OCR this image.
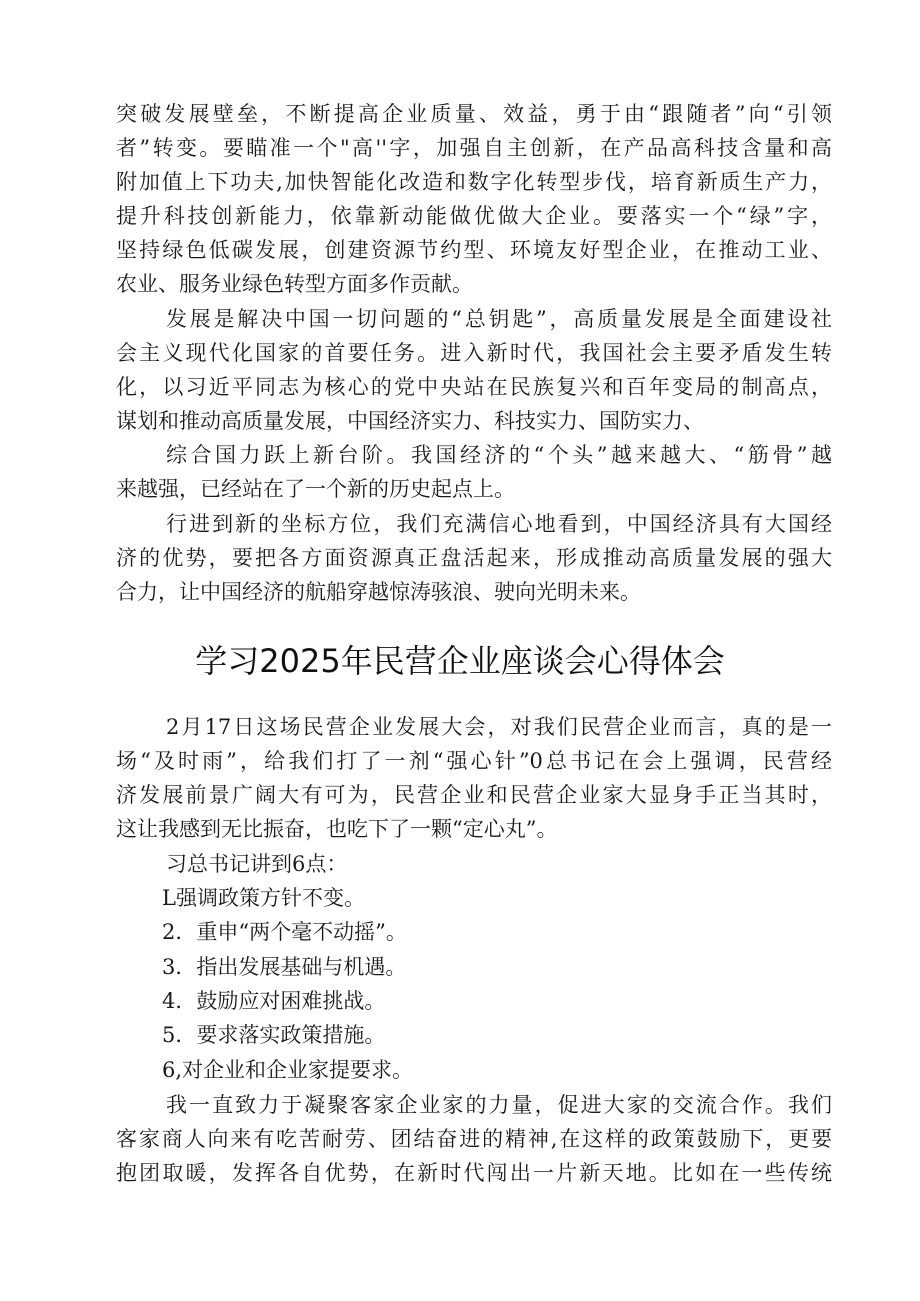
突破发展壁垒，不断提高企业质量、效益，勇于由“跟随者”向“引领
者”转变。要瞄准一个"高''字，加强自主创新，在产品高科技含量和高
附加值上下功夫,加快智能化改造和数字化转型步伐，培育新质生产力，
提升科技创新能力，依靠新动能做优做大企业。要落实一个“绿”字，
坚持绿色低碳发展，创建资源节约型、环境友好型企业，在推动工业、
农业、服务业绿色转型方面多作贡献。
发展是解决中国一切问题的“总钥匙”，高质量发展是全面建设社
会主义现代化国家的首要任务。进入新时代，我国社会主要矛盾发生转
化，以习近平同志为核心的党中央站在民族复兴和百年变局的制高点，
谋划和推动高质量发展，中国经济实力、科技实力、国防实力、
综合国力跃上新台阶。我国经济的“个头”越来越大、“筋骨”越
来越强，已经站在了一个新的历史起点上。
行进到新的坐标方位，我们充满信心地看到，中国经济具有大国经
济的优势，要把各方面资源真正盘活起来，形成推动高质量发展的强大
合力，让中国经济的航船穿越惊涛骇浪、驶向光明未来。
学习2025年民营企业座谈会心得体会
2月17日这场民营企业发展大会，对我们民营企业而言，真的是一
场“及时雨”，给我们打了一剂“强心针”0总书记在会上强调，民营经
济发展前景广阔大有可为，民营企业和民营企业家大显身手正当其时，
这让我感到无比振奋，也吃下了一颗“定心丸”。
习总书记讲到6点：
L强调政策方针不变。
2．重申“两个毫不动摇”。
3．指出发展基础与机遇。
4．鼓励应对困难挑战。
5．要求落实政策措施。
6,对企业和企业家提要求。
我一直致力于凝聚客家企业家的力量，促进大家的交流合作。我们
客家商人向来有吃苦耐劳、团结奋进的精神,在这样的政策鼓励下，更要
抱团取暖，发挥各自优势，在新时代闯出一片新天地。比如在一些传统
